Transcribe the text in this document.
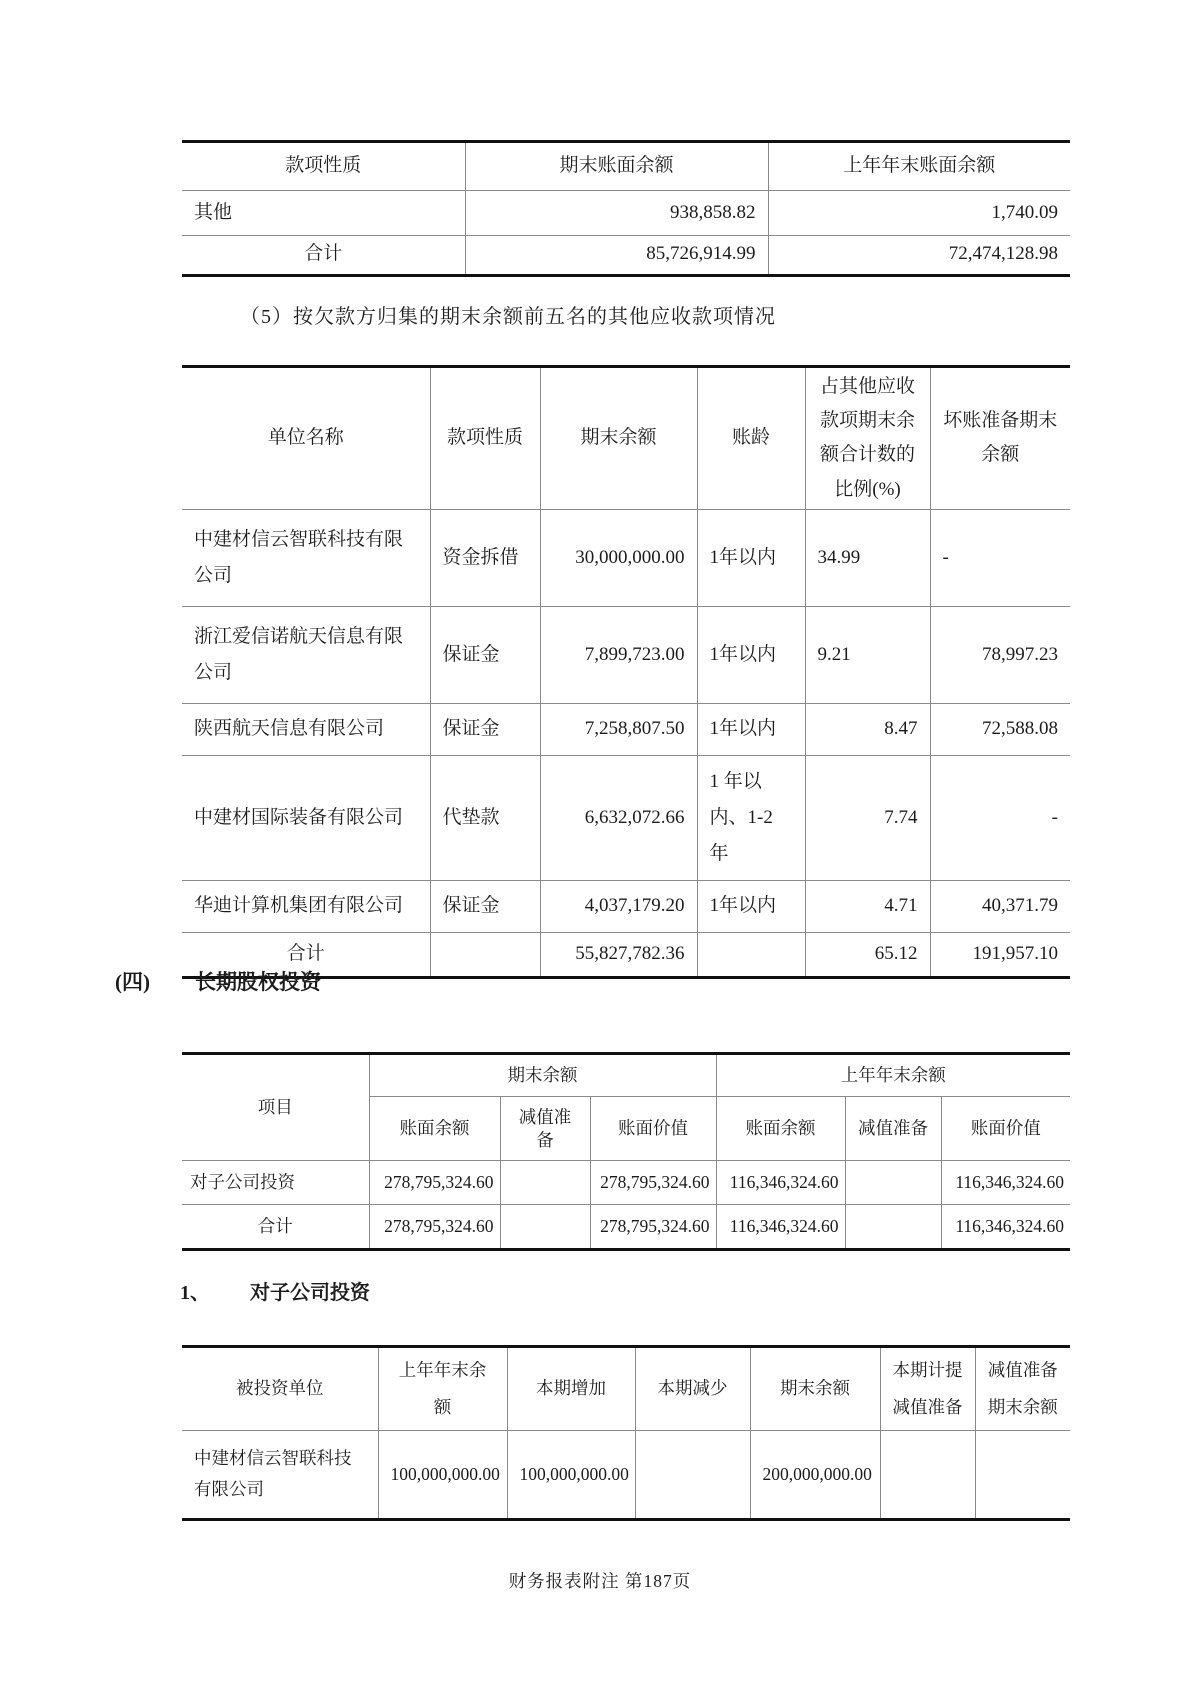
款项性质	期末账面余额	上年年末账面余额
其他	938,858.82	1,740.09
合计	85,726,914.99	72,474,128.98
（5）按欠款方归集的期末余额前五名的其他应收款项情况
单位名称	款项性质	期末余额	账龄	占其他应收款项期末余额合计数的比例(%)	坏账准备期末余额
中建材信云智联科技有限公司	资金拆借	30,000,000.00	1年以内	34.99	-
浙江爱信诺航天信息有限公司	保证金	7,899,723.00	1年以内	9.21	78,997.23
陕西航天信息有限公司	保证金	7,258,807.50	1年以内	8.47	72,588.08
中建材国际装备有限公司	代垫款	6,632,072.66	1 年以内、1-2 年	7.74	-
华迪计算机集团有限公司	保证金	4,037,179.20	1年以内	4.71	40,371.79
合计		55,827,782.36		65.12	191,957.10
(四) 长期股权投资
项目	期末余额			上年年末余额		
	账面余额	减值准备	账面价值	账面余额	减值准备	账面价值
对子公司投资	278,795,324.60		278,795,324.60	116,346,324.60		116,346,324.60
合计	278,795,324.60		278,795,324.60	116,346,324.60		116,346,324.60
1、 对子公司投资
被投资单位	上年年末余额	本期增加	本期减少	期末余额	本期计提减值准备	减值准备期末余额
中建材信云智联科技有限公司	100,000,000.00	100,000,000.00		200,000,000.00		
财务报表附注 第187页
